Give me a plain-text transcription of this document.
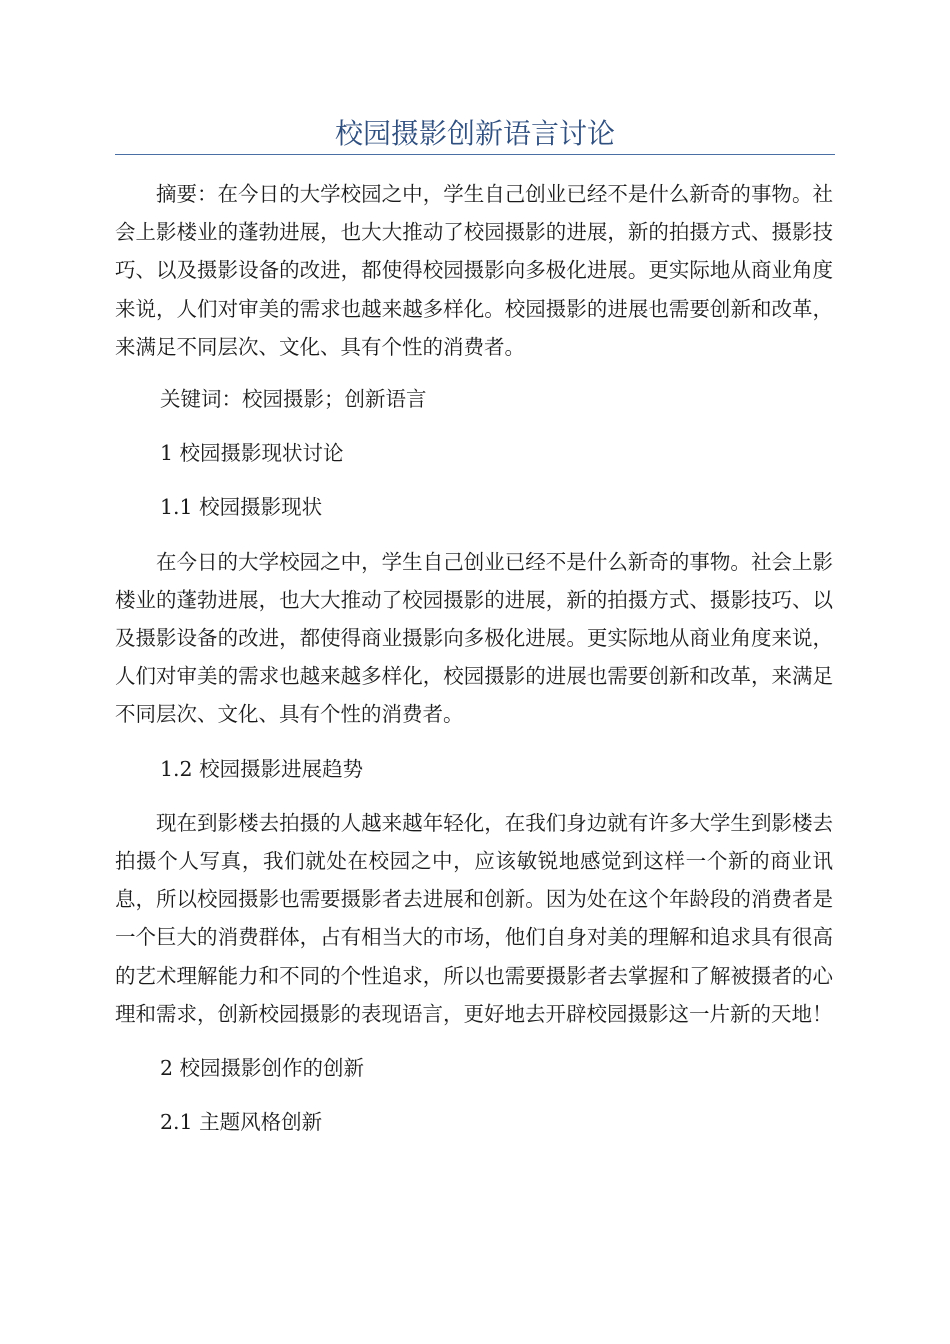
校园摄影创新语言讨论

摘要：在今日的大学校园之中，学生自己创业已经不是什么新奇的事物。社会上影楼业的蓬勃进展，也大大推动了校园摄影的进展，新的拍摄方式、摄影技巧、以及摄影设备的改进，都使得校园摄影向多极化进展。更实际地从商业角度来说，人们对审美的需求也越来越多样化。校园摄影的进展也需要创新和改革，来满足不同层次、文化、具有个性的消费者。

关键词：校园摄影；创新语言

1 校园摄影现状讨论

1.1 校园摄影现状

在今日的大学校园之中，学生自己创业已经不是什么新奇的事物。社会上影楼业的蓬勃进展，也大大推动了校园摄影的进展，新的拍摄方式、摄影技巧、以及摄影设备的改进，都使得商业摄影向多极化进展。更实际地从商业角度来说，人们对审美的需求也越来越多样化，校园摄影的进展也需要创新和改革，来满足不同层次、文化、具有个性的消费者。

1.2 校园摄影进展趋势

现在到影楼去拍摄的人越来越年轻化，在我们身边就有许多大学生到影楼去拍摄个人写真，我们就处在校园之中，应该敏锐地感觉到这样一个新的商业讯息，所以校园摄影也需要摄影者去进展和创新。因为处在这个年龄段的消费者是一个巨大的消费群体，占有相当大的市场，他们自身对美的理解和追求具有很高的艺术理解能力和不同的个性追求，所以也需要摄影者去掌握和了解被摄者的心理和需求，创新校园摄影的表现语言，更好地去开辟校园摄影这一片新的天地！

2 校园摄影创作的创新

2.1 主题风格创新
